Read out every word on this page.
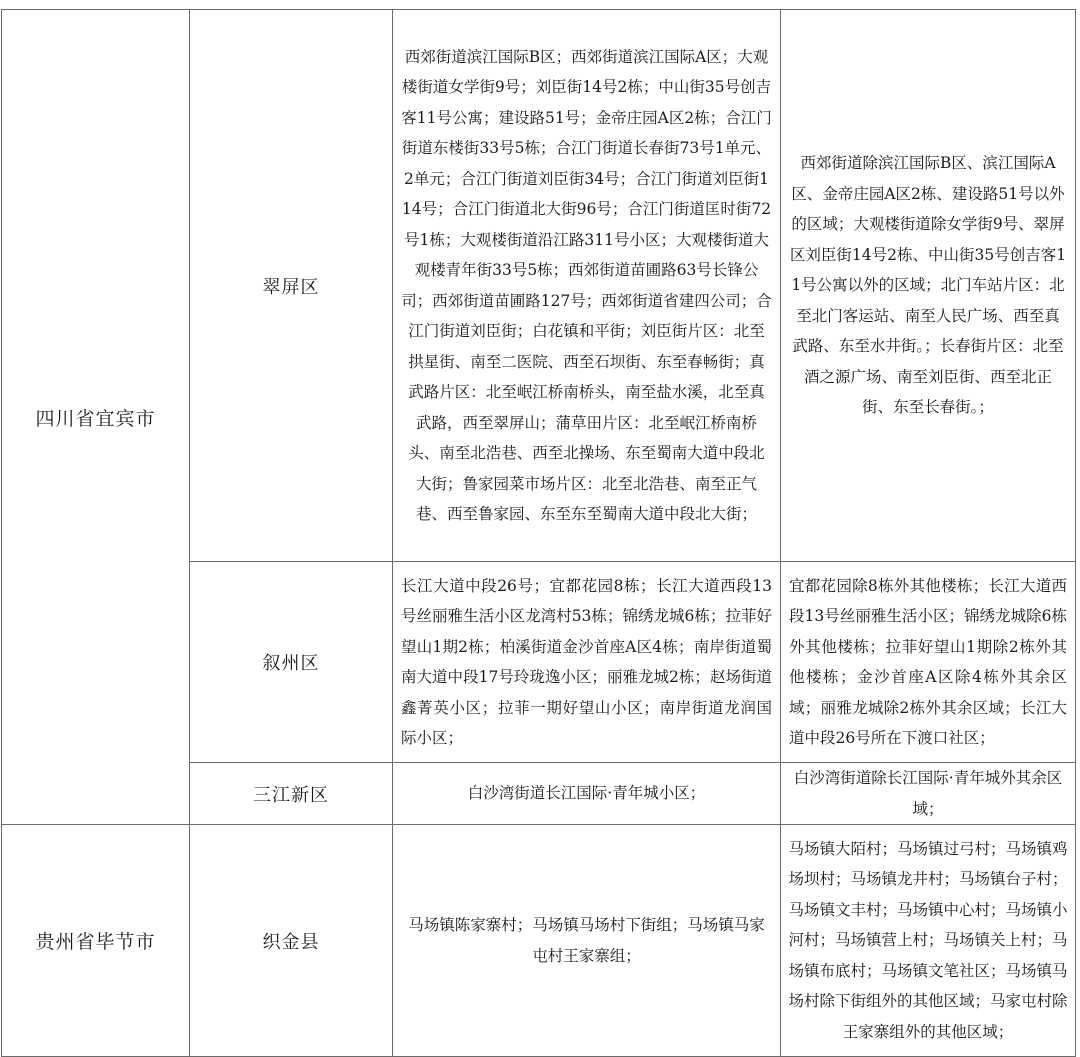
四川省宜宾市	翠屏区	西郊街道滨江国际B区；西郊街道滨江国际A区；大观楼街道女学街9号；刘臣街14号2栋；中山街35号创吉客11号公寓；建设路51号；金帝庄园A区2栋；合江门街道东楼街33号5栋；合江门街道长春街73号1单元、2单元；合江门街道刘臣街34号；合江门街道刘臣街114号；合江门街道北大街96号；合江门街道匡时街72号1栋；大观楼街道沿江路311号小区；大观楼街道大观楼青年街33号5栋；西郊街道苗圃路63号长锋公司；西郊街道苗圃路127号；西郊街道省建四公司；合江门街道刘臣街；白花镇和平街；刘臣街片区：北至拱星街、南至二医院、西至石坝街、东至春畅街；真武路片区：北至岷江桥南桥头，南至盐水溪，北至真武路，西至翠屏山；蒲草田片区：北至岷江桥南桥头、南至北浩巷、西至北操场、东至蜀南大道中段北大街；鲁家园菜市场片区：北至北浩巷、南至正气巷、西至鲁家园、东至东至蜀南大道中段北大街；	西郊街道除滨江国际B区、滨江国际A区、金帝庄园A区2栋、建设路51号以外的区域；大观楼街道除女学街9号、翠屏区刘臣街14号2栋、中山街35号创吉客11号公寓以外的区域；北门车站片区：北至北门客运站、南至人民广场、西至真武路、东至水井街。；长春街片区：北至酒之源广场、南至刘臣街、西至北正街、东至长春街。；

	叙州区	长江大道中段26号；宜都花园8栋；长江大道西段13号丝丽雅生活小区龙湾村53栋；锦绣龙城6栋；拉菲好望山1期2栋；柏溪街道金沙首座A区4栋；南岸街道蜀南大道中段17号玲珑逸小区；丽雅龙城2栋；赵场街道鑫菁英小区；拉菲一期好望山小区；南岸街道龙润国际小区；	宜都花园除8栋外其他楼栋；长江大道西段13号丝丽雅生活小区；锦绣龙城除6栋外其他楼栋；拉菲好望山1期除2栋外其他楼栋；金沙首座A区除4栋外其余区域；丽雅龙城除2栋外其余区域；长江大道中段26号所在下渡口社区；

	三江新区	白沙湾街道长江国际·青年城小区；	白沙湾街道除长江国际·青年城外其余区域；

贵州省毕节市	织金县	马场镇陈家寨村；马场镇马场村下街组；马场镇马家屯村王家寨组；	马场镇大陌村；马场镇过弓村；马场镇鸡场坝村；马场镇龙井村；马场镇台子村；马场镇文丰村；马场镇中心村；马场镇小河村；马场镇营上村；马场镇关上村；马场镇布底村；马场镇文笔社区；马场镇马场村除下街组外的其他区域；马家屯村除王家寨组外的其他区域；
